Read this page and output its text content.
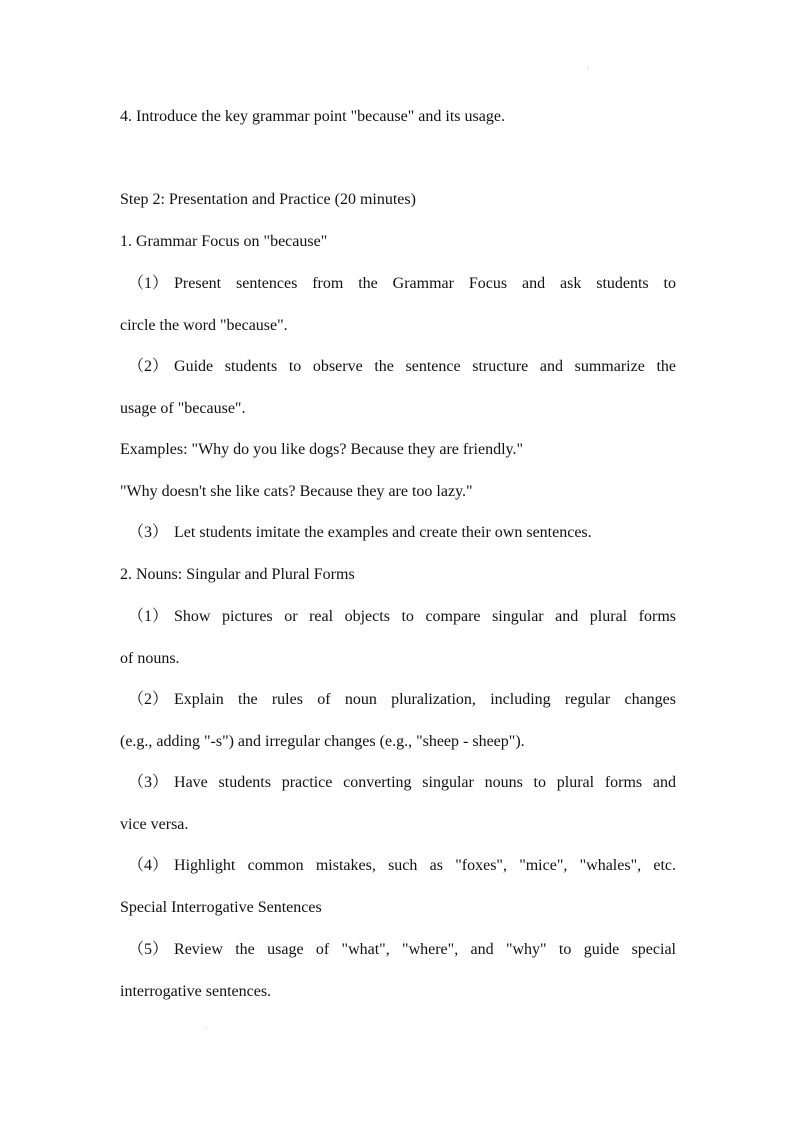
4. Introduce the key grammar point "because" and its usage.
Step 2: Presentation and Practice (20 minutes)
1. Grammar Focus on "because"
（1） Present sentences from the Grammar Focus and ask students to
circle the word "because".
（2） Guide students to observe the sentence structure and summarize the
usage of "because".
Examples: "Why do you like dogs? Because they are friendly."
"Why doesn't she like cats? Because they are too lazy."
（3） Let students imitate the examples and create their own sentences.
2. Nouns: Singular and Plural Forms
（1） Show pictures or real objects to compare singular and plural forms
of nouns.
（2） Explain the rules of noun pluralization, including regular changes
(e.g., adding "-s") and irregular changes (e.g., "sheep - sheep").
（3） Have students practice converting singular nouns to plural forms and
vice versa.
（4） Highlight common mistakes, such as "foxes", "mice", "whales", etc.
Special Interrogative Sentences
（5） Review the usage of "what", "where", and "why" to guide special
interrogative sentences.
